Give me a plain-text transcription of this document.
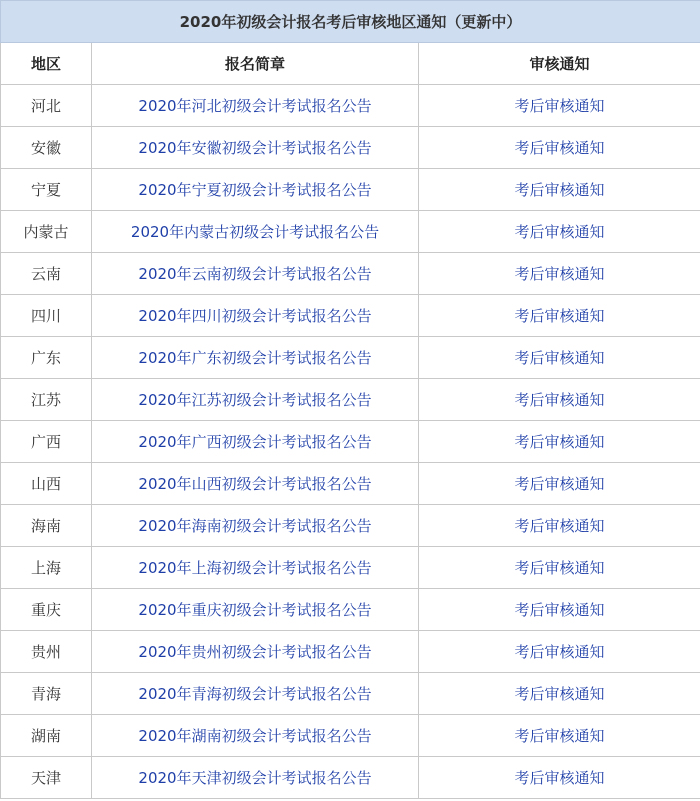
2020年初级会计报名考后审核地区通知（更新中）		
地区	报名简章	审核通知
河北	2020年河北初级会计考试报名公告	考后审核通知
安徽	2020年安徽初级会计考试报名公告	考后审核通知
宁夏	2020年宁夏初级会计考试报名公告	考后审核通知
内蒙古	2020年内蒙古初级会计考试报名公告	考后审核通知
云南	2020年云南初级会计考试报名公告	考后审核通知
四川	2020年四川初级会计考试报名公告	考后审核通知
广东	2020年广东初级会计考试报名公告	考后审核通知
江苏	2020年江苏初级会计考试报名公告	考后审核通知
广西	2020年广西初级会计考试报名公告	考后审核通知
山西	2020年山西初级会计考试报名公告	考后审核通知
海南	2020年海南初级会计考试报名公告	考后审核通知
上海	2020年上海初级会计考试报名公告	考后审核通知
重庆	2020年重庆初级会计考试报名公告	考后审核通知
贵州	2020年贵州初级会计考试报名公告	考后审核通知
青海	2020年青海初级会计考试报名公告	考后审核通知
湖南	2020年湖南初级会计考试报名公告	考后审核通知
天津	2020年天津初级会计考试报名公告	考后审核通知
